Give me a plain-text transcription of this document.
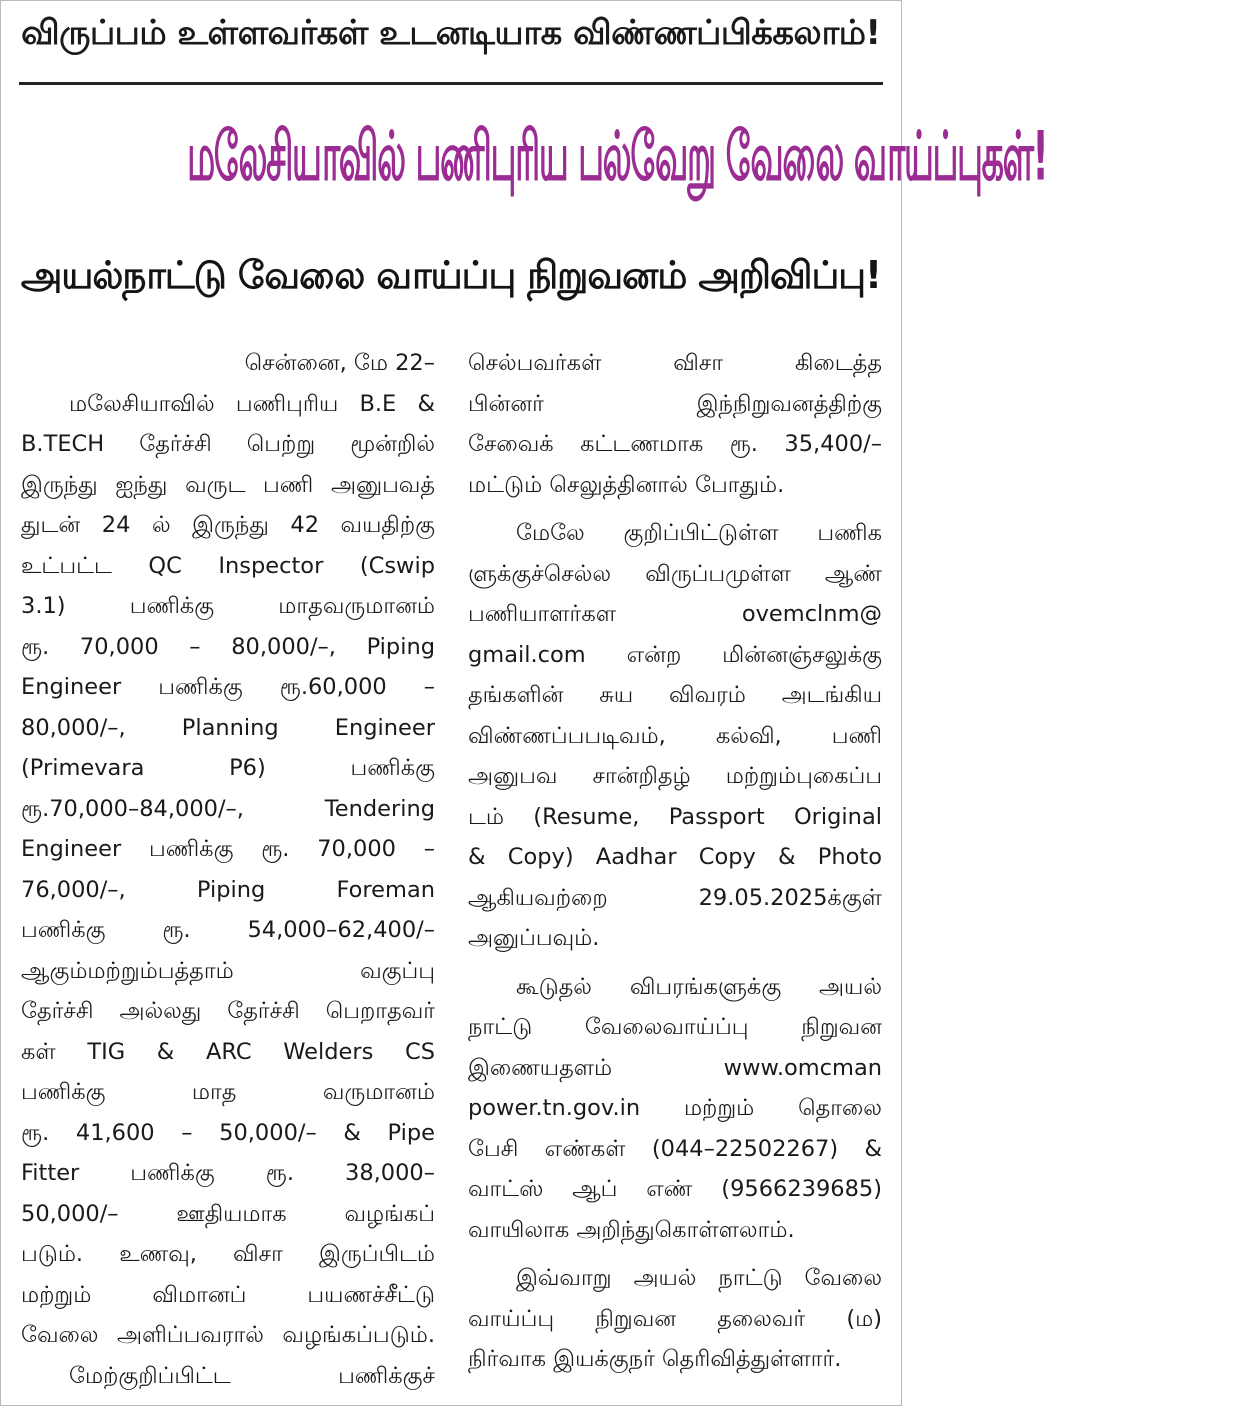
விருப்பம் உள்ளவர்கள் உடனடியாக விண்ணப்பிக்கலாம்!
மலேசியாவில் பணிபுரிய பல்வேறு வேலை வாய்ப்புகள்!
அயல்நாட்டு வேலை வாய்ப்பு நிறுவனம் அறிவிப்பு!
சென்னை, மே 22–
மலேசியாவில் பணிபுரிய B.E &
B.TECH தேர்ச்சி பெற்று மூன்றில்
இருந்து ஐந்து வருட பணி அனுபவத்
துடன் 24 ல் இருந்து 42 வயதிற்கு
உட்பட்ட QC Inspector (Cswip
3.1) பணிக்கு மாதவருமானம்
ரூ. 70,000 – 80,000/–, Piping
Engineer பணிக்கு ரூ.60,000 –
80,000/–, Planning Engineer
(Primevara P6) பணிக்கு
ரூ.70,000–84,000/–, Tendering
Engineer பணிக்கு ரூ. 70,000 –
76,000/–, Piping Foreman
பணிக்கு ரூ. 54,000–62,400/–
ஆகும்மற்றும்பத்தாம் வகுப்பு
தேர்ச்சி அல்லது தேர்ச்சி பெறாதவர்
கள் TIG & ARC Welders CS
பணிக்கு மாத வருமானம்
ரூ. 41,600 – 50,000/– & Pipe
Fitter பணிக்கு ரூ. 38,000–
50,000/– ஊதியமாக வழங்கப்
படும். உணவு, விசா இருப்பிடம்
மற்றும் விமானப் பயணச்சீட்டு
வேலை அளிப்பவரால் வழங்கப்படும்.
மேற்குறிப்பிட்ட பணிக்குச்
செல்பவர்கள் விசா கிடைத்த
பின்னர் இந்நிறுவனத்திற்கு
சேவைக் கட்டணமாக ரூ. 35,400/–
மட்டும் செலுத்தினால் போதும்.
மேலே குறிப்பிட்டுள்ள பணிக
ளுக்குச்செல்ல விருப்பமுள்ள ஆண்
பணியாளர்கள ovemclnm@
gmail.com என்ற மின்னஞ்சலுக்கு
தங்களின் சுய விவரம் அடங்கிய
விண்ணப்பபடிவம், கல்வி, பணி
அனுபவ சான்றிதழ் மற்றும்புகைப்ப
டம் (Resume, Passport Original
& Copy) Aadhar Copy & Photo
ஆகியவற்றை 29.05.2025க்குள்
அனுப்பவும்.
கூடுதல் விபரங்களுக்கு அயல்
நாட்டு வேலைவாய்ப்பு நிறுவன
இணையதளம் www.omcman
power.tn.gov.in மற்றும் தொலை
பேசி எண்கள் (044–22502267) &
வாட்ஸ் ஆப் எண் (9566239685)
வாயிலாக அறிந்துகொள்ளலாம்.
இவ்வாறு அயல் நாட்டு வேலை
வாய்ப்பு நிறுவன தலைவர் (ம)
நிர்வாக இயக்குநர் தெரிவித்துள்ளார்.
